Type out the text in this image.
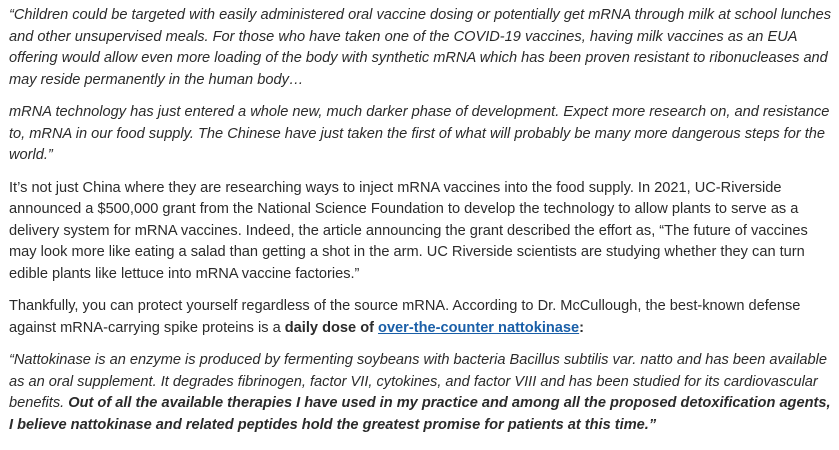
“Children could be targeted with easily administered oral vaccine dosing or potentially get mRNA through milk at school lunches and other unsupervised meals. For those who have taken one of the COVID-19 vaccines, having milk vaccines as an EUA offering would allow even more loading of the body with synthetic mRNA which has been proven resistant to ribonucleases and may reside permanently in the human body…

mRNA technology has just entered a whole new, much darker phase of development. Expect more research on, and resistance to, mRNA in our food supply. The Chinese have just taken the first of what will probably be many more dangerous steps for the world.”

It’s not just China where they are researching ways to inject mRNA vaccines into the food supply. In 2021, UC-Riverside announced a $500,000 grant from the National Science Foundation to develop the technology to allow plants to serve as a delivery system for mRNA vaccines. Indeed, the article announcing the grant described the effort as, “The future of vaccines may look more like eating a salad than getting a shot in the arm. UC Riverside scientists are studying whether they can turn edible plants like lettuce into mRNA vaccine factories.”

Thankfully, you can protect yourself regardless of the source mRNA. According to Dr. McCullough, the best-known defense against mRNA-carrying spike proteins is a daily dose of over-the-counter nattokinase:

“Nattokinase is an enzyme is produced by fermenting soybeans with bacteria Bacillus subtilis var. natto and has been available as an oral supplement. It degrades fibrinogen, factor VII, cytokines, and factor VIII and has been studied for its cardiovascular benefits. Out of all the available therapies I have used in my practice and among all the proposed detoxification agents, I believe nattokinase and related peptides hold the greatest promise for patients at this time.”
